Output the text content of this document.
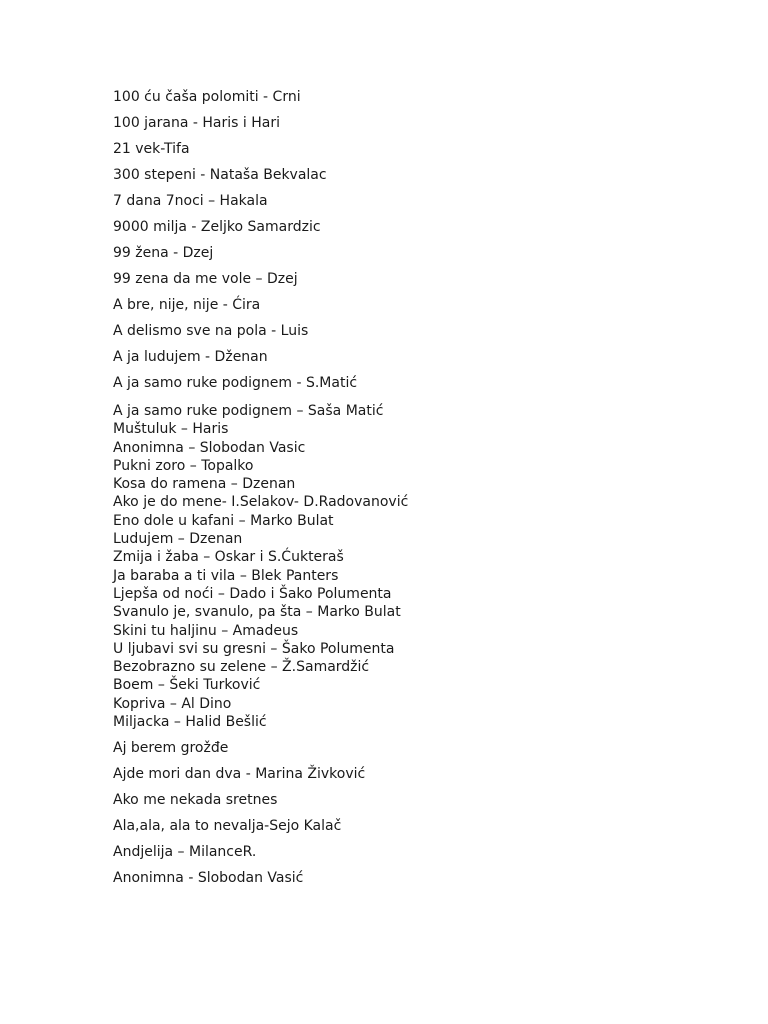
100 ću čaša polomiti - Crni
100 jarana - Haris i Hari
21 vek-Tifa
300 stepeni - Nataša Bekvalac
7 dana 7noci – Hakala
9000 milja - Zeljko Samardzic
99 žena - Dzej
99 zena da me vole – Dzej
A bre, nije, nije - Ćira
A delismo sve na pola - Luis
A ja ludujem - Dženan
A ja samo ruke podignem - S.Matić
A ja samo ruke podignem – Saša Matić
Muštuluk – Haris
Anonimna – Slobodan Vasic
Pukni zoro – Topalko
Kosa do ramena – Dzenan
Ako je do mene- I.Selakov- D.Radovanović
Eno dole u kafani – Marko Bulat
Ludujem – Dzenan
Zmija i žaba – Oskar i S.Ćukteraš
Ja baraba a ti vila – Blek Panters
Ljepša od noći – Dado i Šako Polumenta
Svanulo je, svanulo, pa šta – Marko Bulat
Skini tu haljinu – Amadeus
U ljubavi svi su gresni – Šako Polumenta
Bezobrazno su zelene – Ž.Samardžić
Boem – Šeki Turković
Kopriva – Al Dino
Miljacka – Halid Bešlić
Aj berem grožđe
Ajde mori dan dva - Marina Živković
Ako me nekada sretnes
Ala,ala, ala to nevalja-Sejo Kalač
Andjelija – MilanceR.
Anonimna - Slobodan Vasić
